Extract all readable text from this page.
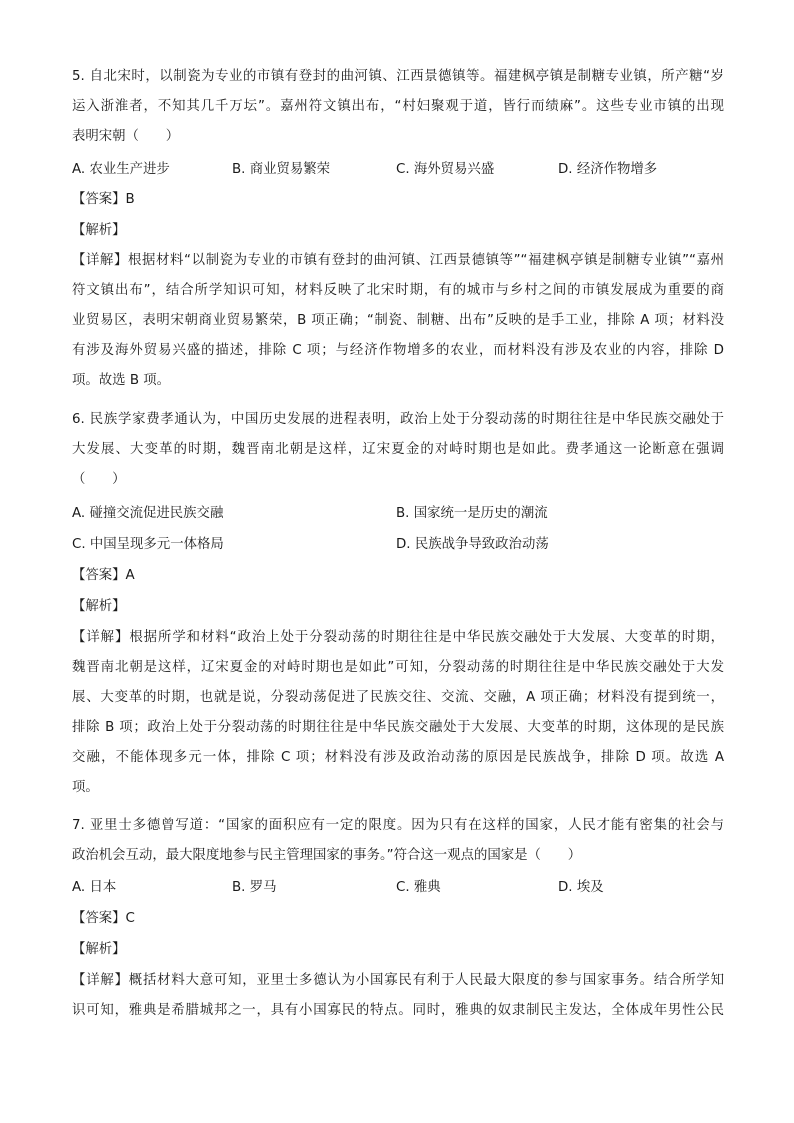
5. 自北宋时，以制瓷为专业的市镇有登封的曲河镇、江西景德镇等。福建枫亭镇是制糖专业镇，所产糖“岁
运入浙淮者，不知其几千万坛”。嘉州符文镇出布，“村妇聚观于道，皆行而绩麻”。这些专业市镇的出现
表明宋朝（　　）
A. 农业生产进步	B. 商业贸易繁荣	C. 海外贸易兴盛	D. 经济作物增多
【答案】B
【解析】
【详解】根据材料“以制瓷为专业的市镇有登封的曲河镇、江西景德镇等”“福建枫亭镇是制糖专业镇”“嘉州
符文镇出布”，结合所学知识可知，材料反映了北宋时期，有的城市与乡村之间的市镇发展成为重要的商
业贸易区，表明宋朝商业贸易繁荣，B 项正确；“制瓷、制糖、出布”反映的是手工业，排除 A 项；材料没
有涉及海外贸易兴盛的描述，排除 C 项；与经济作物增多的农业，而材料没有涉及农业的内容，排除 D
项。故选 B 项。
6. 民族学家费孝通认为，中国历史发展的进程表明，政治上处于分裂动荡的时期往往是中华民族交融处于
大发展、大变革的时期，魏晋南北朝是这样，辽宋夏金的对峙时期也是如此。费孝通这一论断意在强调
（　　）
A. 碰撞交流促进民族交融	B. 国家统一是历史的潮流
C. 中国呈现多元一体格局	D. 民族战争导致政治动荡
【答案】A
【解析】
【详解】根据所学和材料“政治上处于分裂动荡的时期往往是中华民族交融处于大发展、大变革的时期，
魏晋南北朝是这样，辽宋夏金的对峙时期也是如此”可知，分裂动荡的时期往往是中华民族交融处于大发
展、大变革的时期，也就是说，分裂动荡促进了民族交往、交流、交融，A 项正确；材料没有提到统一，
排除 B 项；政治上处于分裂动荡的时期往往是中华民族交融处于大发展、大变革的时期，这体现的是民族
交融，不能体现多元一体，排除 C 项；材料没有涉及政治动荡的原因是民族战争，排除 D 项。故选 A
项。
7. 亚里士多德曾写道：“国家的面积应有一定的限度。因为只有在这样的国家，人民才能有密集的社会与
政治机会互动，最大限度地参与民主管理国家的事务。”符合这一观点的国家是（　　）
A. 日本	B. 罗马	C. 雅典	D. 埃及
【答案】C
【解析】
【详解】概括材料大意可知，亚里士多德认为小国寡民有利于人民最大限度的参与国家事务。结合所学知
识可知，雅典是希腊城邦之一，具有小国寡民的特点。同时，雅典的奴隶制民主发达，全体成年男性公民
